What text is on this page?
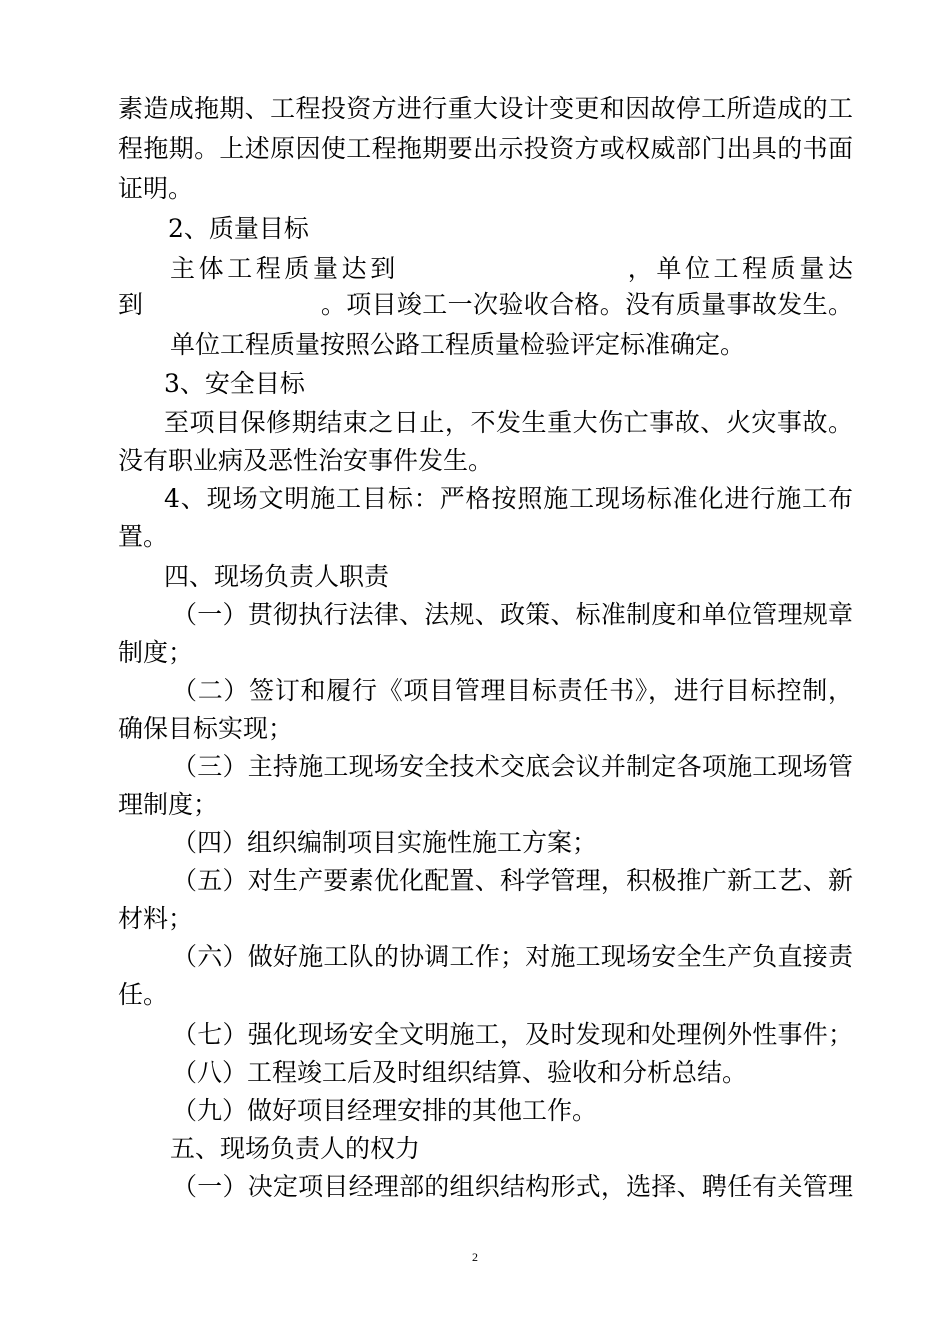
素造成拖期、工程投资方进行重大设计变更和因故停工所造成的工
程拖期。上述原因使工程拖期要出示投资方或权威部门出具的书面
证明。
2、质量目标
主体工程质量达到　　　　　　　　，单位工程质量达
到　　　　　　　。项目竣工一次验收合格。没有质量事故发生。
单位工程质量按照公路工程质量检验评定标准确定。
3、安全目标
至项目保修期结束之日止，不发生重大伤亡事故、火灾事故。
没有职业病及恶性治安事件发生。
4、现场文明施工目标：严格按照施工现场标准化进行施工布
置。
四、现场负责人职责
（一）贯彻执行法律、法规、政策、标准制度和单位管理规章
制度；
（二）签订和履行《项目管理目标责任书》，进行目标控制，
确保目标实现；
（三）主持施工现场安全技术交底会议并制定各项施工现场管
理制度；
（四）组织编制项目实施性施工方案；
（五）对生产要素优化配置、科学管理，积极推广新工艺、新
材料；
（六）做好施工队的协调工作；对施工现场安全生产负直接责
任。
（七）强化现场安全文明施工，及时发现和处理例外性事件；
（八）工程竣工后及时组织结算、验收和分析总结。
（九）做好项目经理安排的其他工作。
五、现场负责人的权力
（一）决定项目经理部的组织结构形式，选择、聘任有关管理
2
